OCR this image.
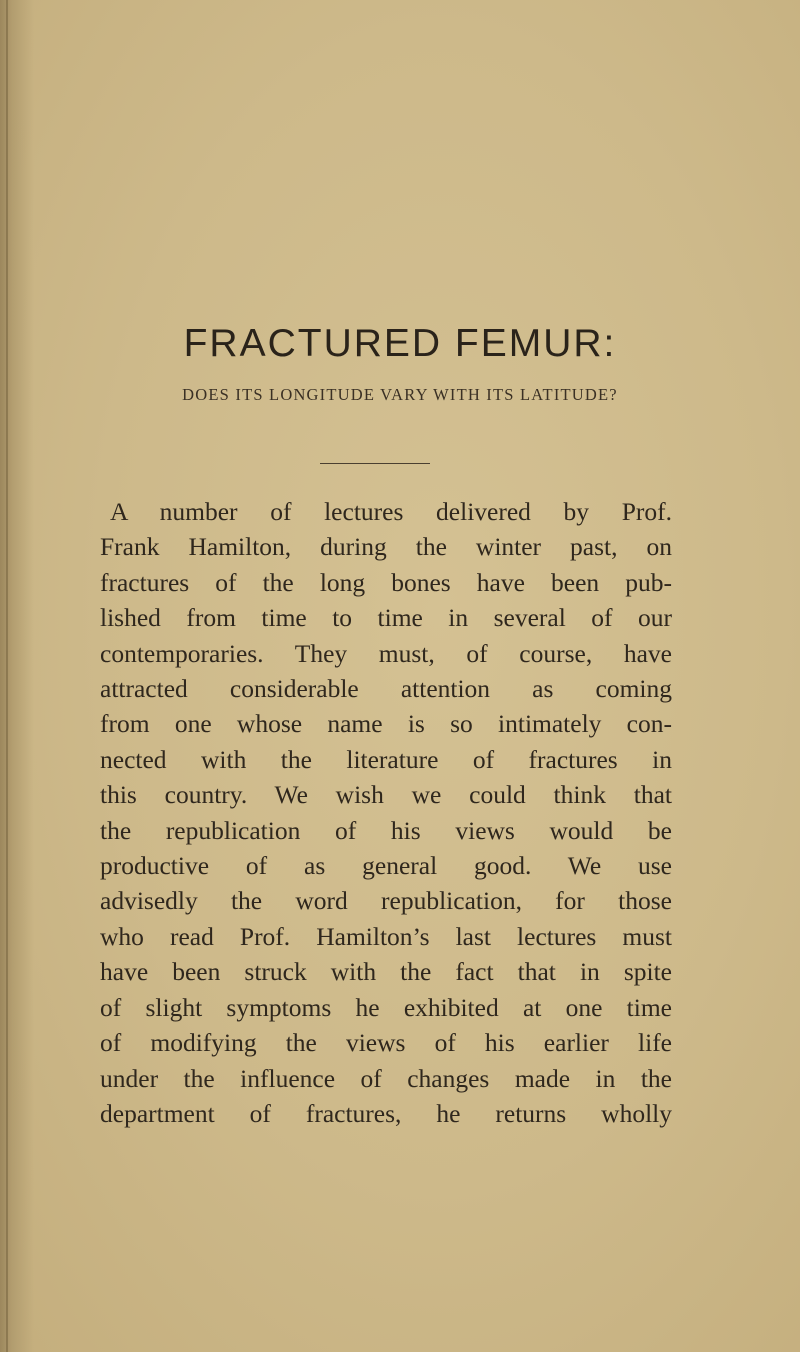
FRACTURED FEMUR:
DOES ITS LONGITUDE VARY WITH ITS LATITUDE?

A number of lectures delivered by Prof.
Frank Hamilton, during the winter past, on
fractures of the long bones have been pub-
lished from time to time in several of our
contemporaries. They must, of course, have
attracted considerable attention as coming
from one whose name is so intimately con-
nected with the literature of fractures in
this country. We wish we could think that
the republication of his views would be
productive of as general good. We use
advisedly the word republication, for those
who read Prof. Hamilton’s last lectures must
have been struck with the fact that in spite
of slight symptoms he exhibited at one time
of modifying the views of his earlier life
under the influence of changes made in the
department of fractures, he returns wholly
